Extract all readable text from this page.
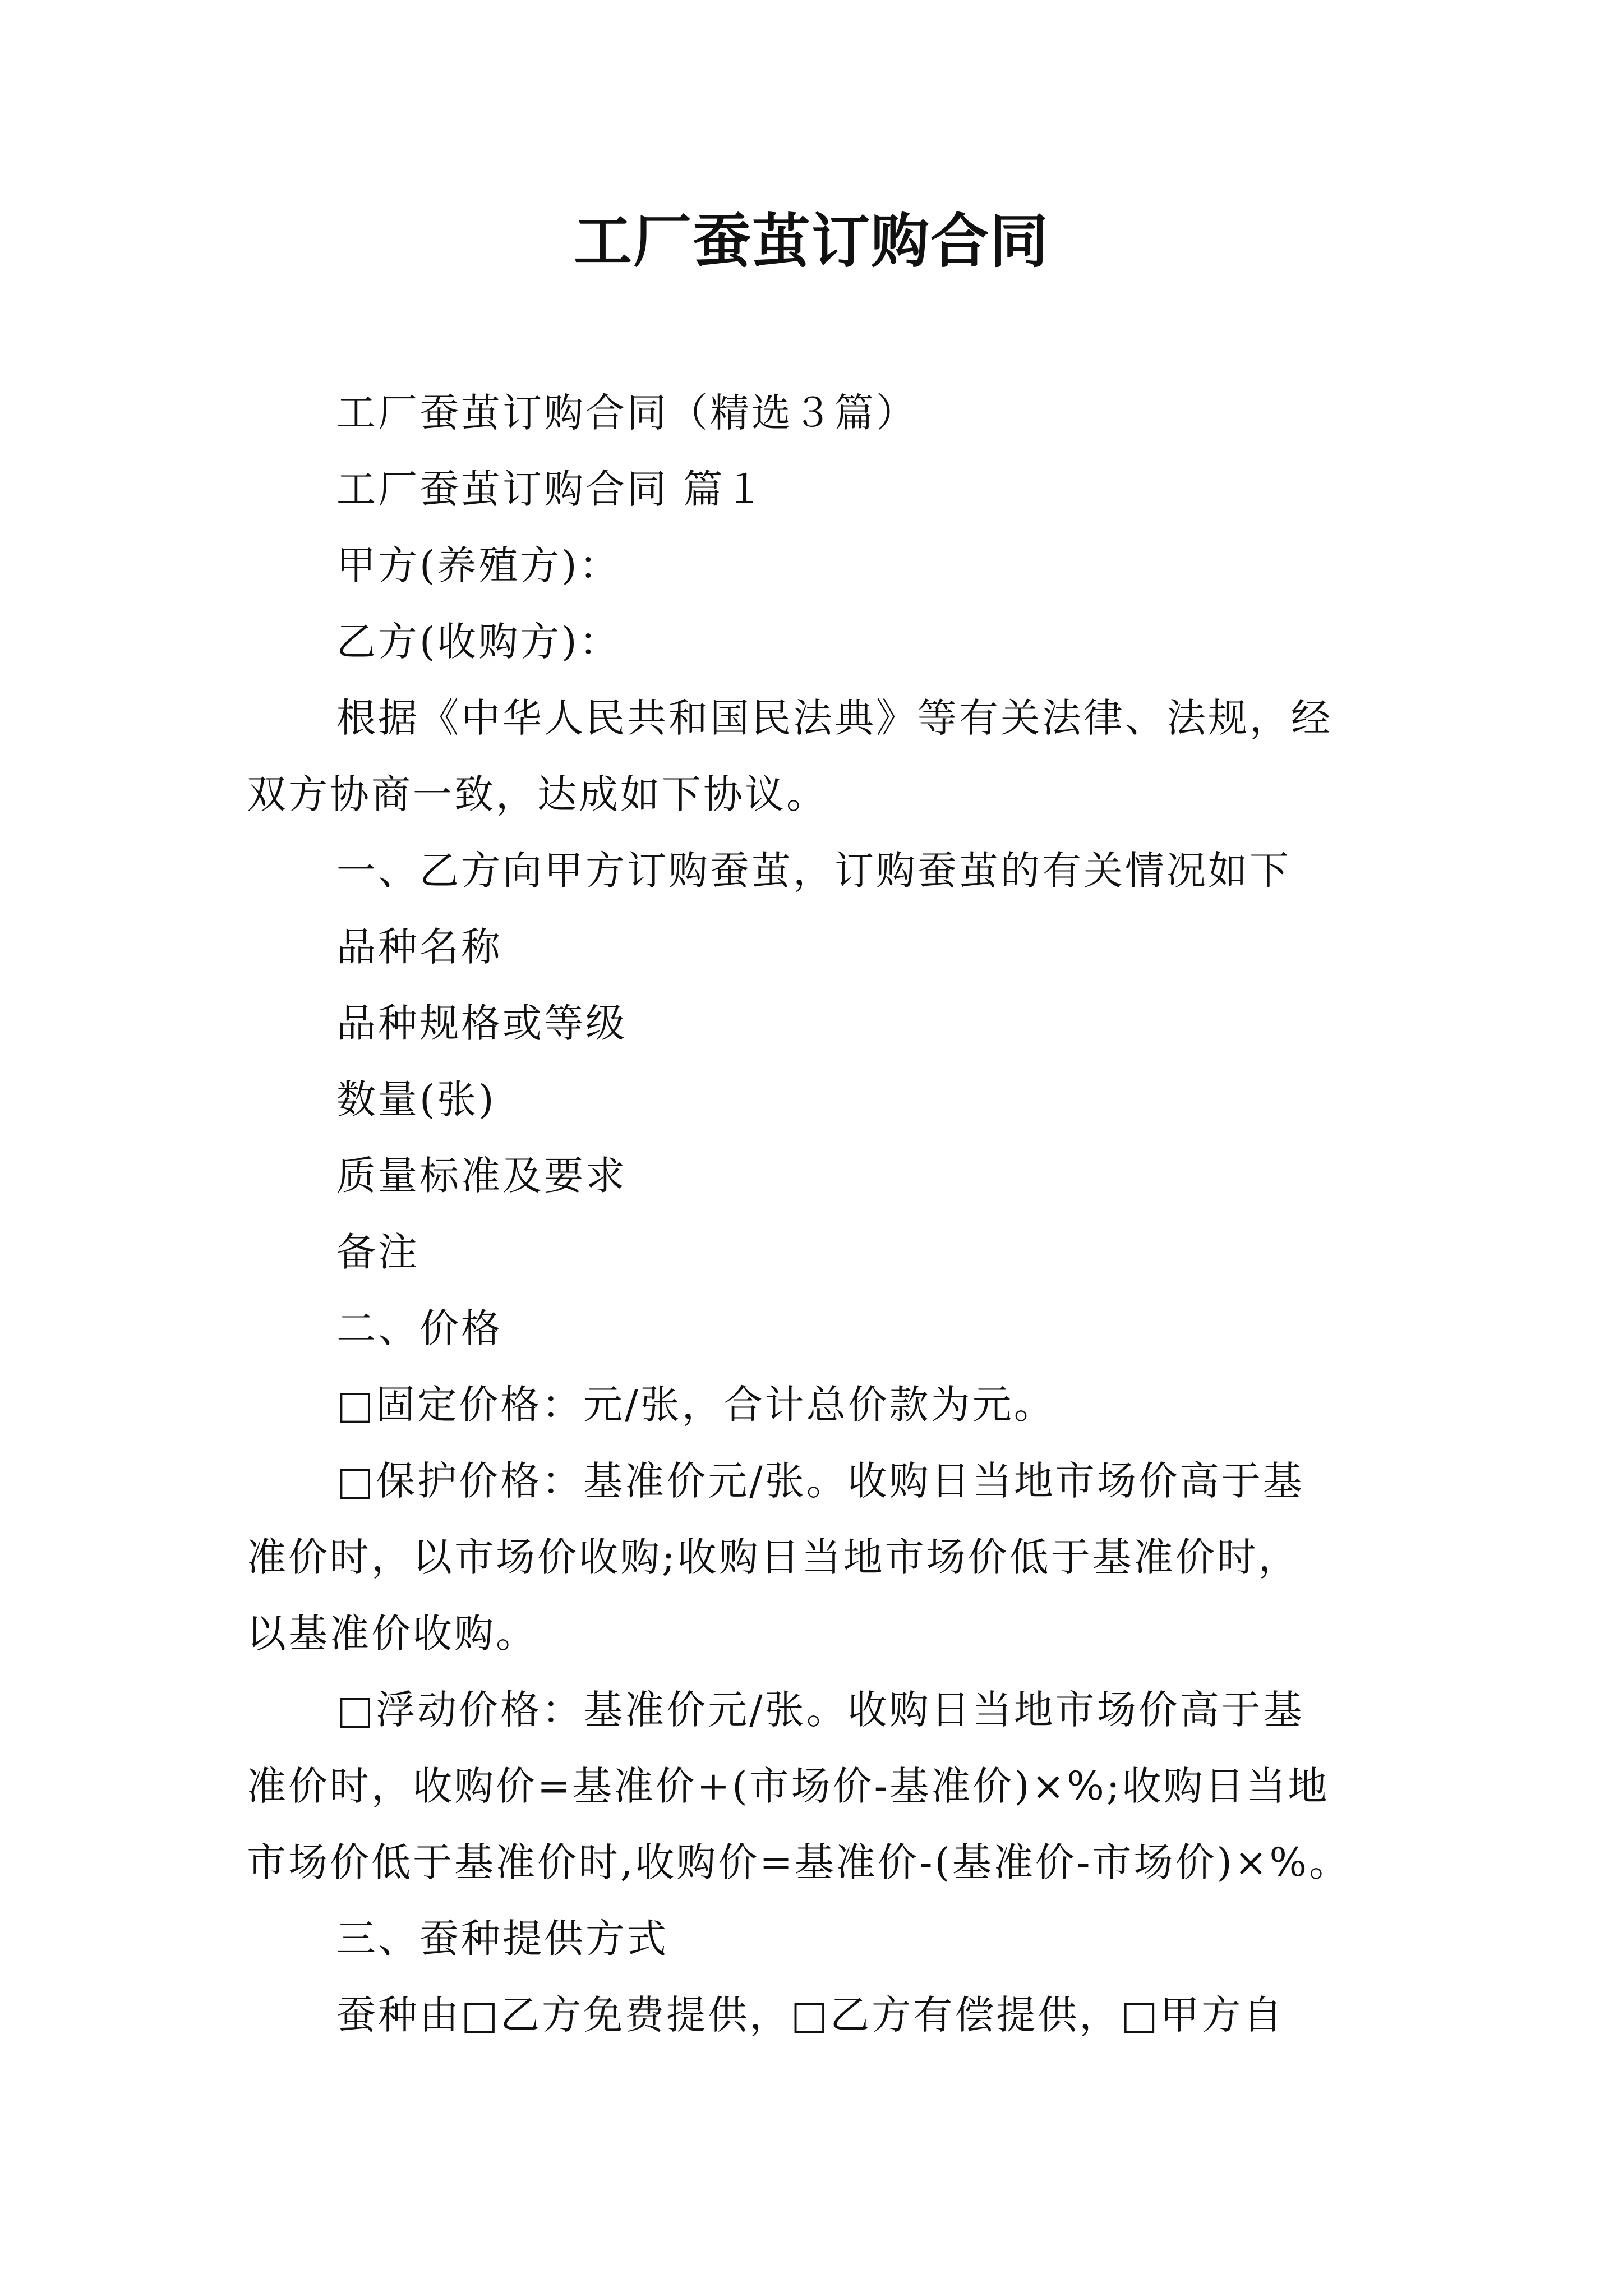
工厂蚕茧订购合同
工厂蚕茧订购合同（精选３篇）
工厂蚕茧订购合同 篇１
甲方(养殖方)：
乙方(收购方)：
根据《中华人民共和国民法典》等有关法律、法规，经
双方协商一致，达成如下协议。
一、乙方向甲方订购蚕茧，订购蚕茧的有关情况如下
品种名称
品种规格或等级
数量(张)
质量标准及要求
备注
二、价格
□固定价格：元/张，合计总价款为元。
□保护价格：基准价元/张。收购日当地市场价高于基
准价时，以市场价收购;收购日当地市场价低于基准价时，
以基准价收购。
□浮动价格：基准价元/张。收购日当地市场价高于基
准价时，收购价=基准价+(市场价-基准价)×%;收购日当地
市场价低于基准价时,收购价=基准价-(基准价-市场价)×%。
三、蚕种提供方式
蚕种由□乙方免费提供，□乙方有偿提供，□甲方自
